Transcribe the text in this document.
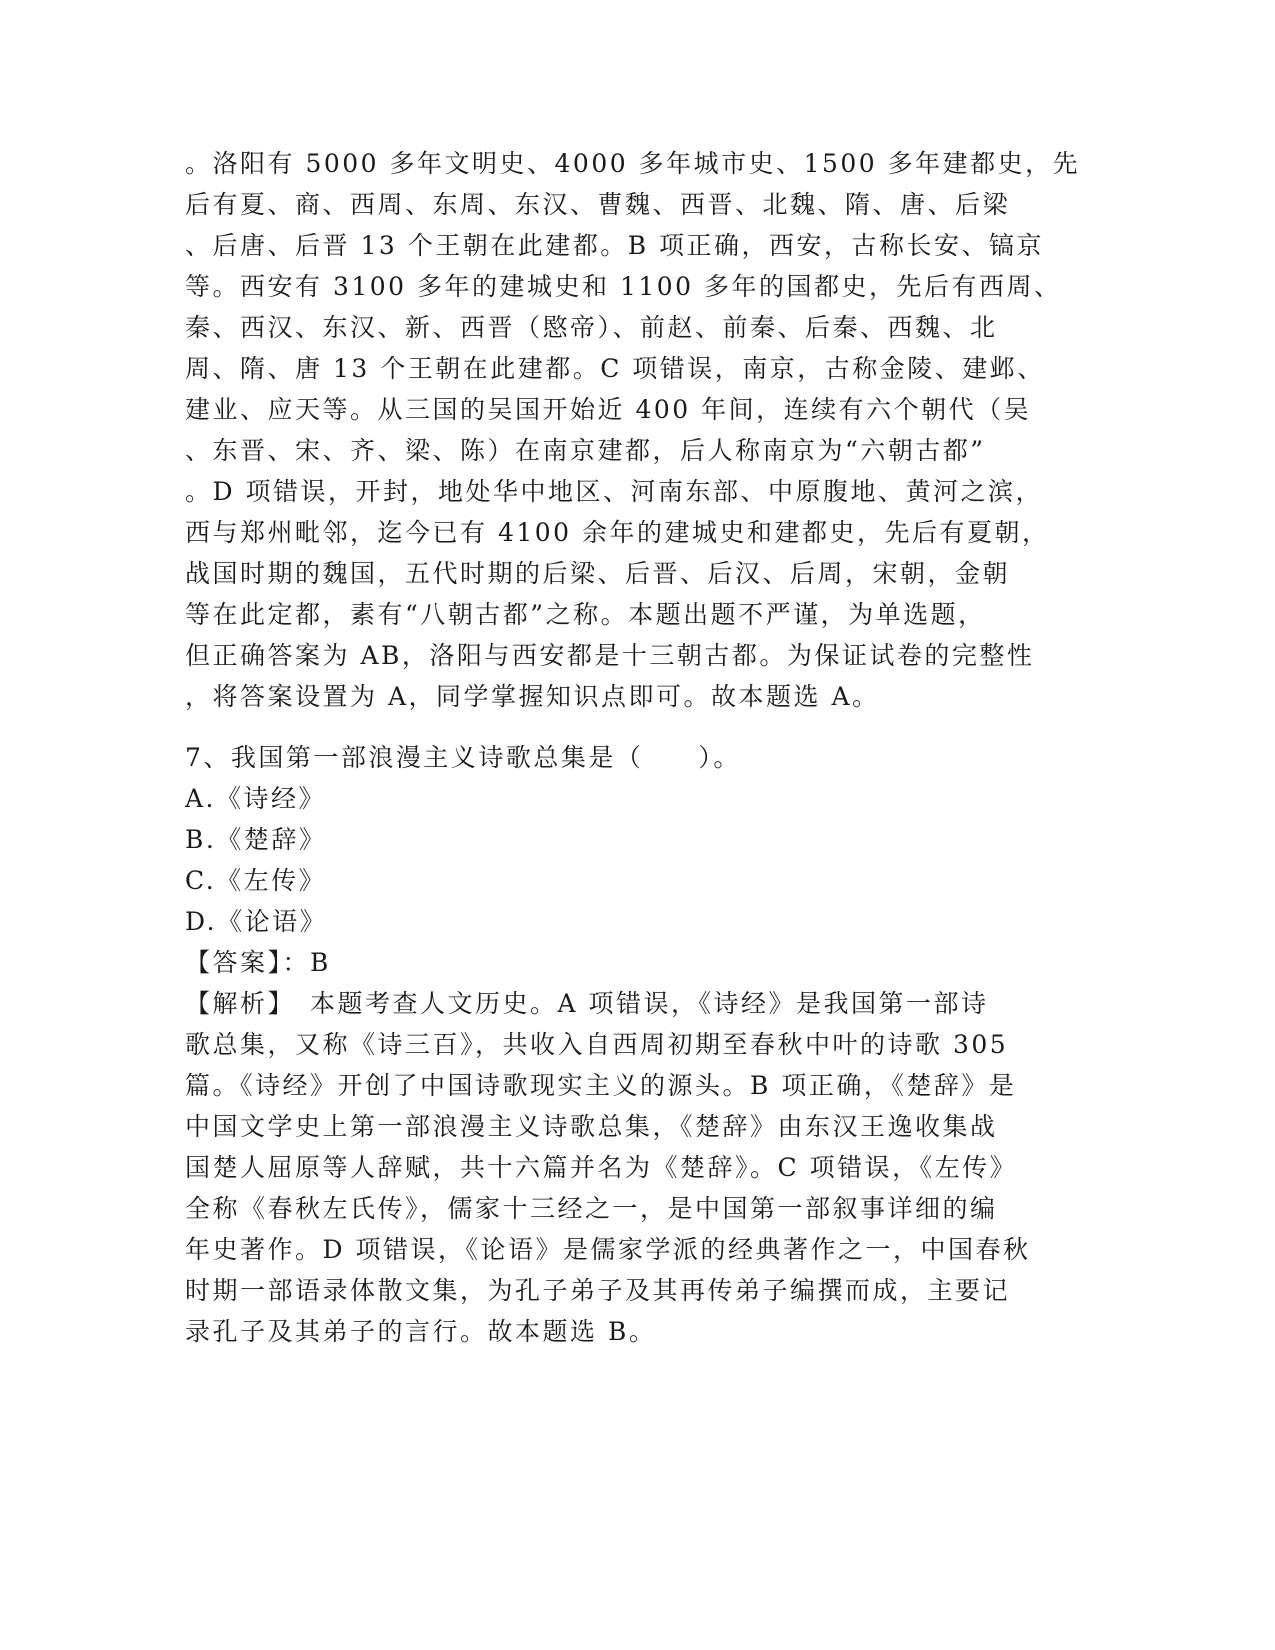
。洛阳有 5000 多年文明史、4000 多年城市史、1500 多年建都史，先
后有夏、商、西周、东周、东汉、曹魏、西晋、北魏、隋、唐、后梁
、后唐、后晋 13 个王朝在此建都。B 项正确，西安，古称长安、镐京
等。西安有 3100 多年的建城史和 1100 多年的国都史，先后有西周、
秦、西汉、东汉、新、西晋（愍帝）、前赵、前秦、后秦、西魏、北
周、隋、唐 13 个王朝在此建都。C 项错误，南京，古称金陵、建邺、
建业、应天等。从三国的吴国开始近 400 年间，连续有六个朝代（吴
、东晋、宋、齐、梁、陈）在南京建都，后人称南京为“六朝古都”
。D 项错误，开封，地处华中地区、河南东部、中原腹地、黄河之滨，
西与郑州毗邻，迄今已有 4100 余年的建城史和建都史，先后有夏朝，
战国时期的魏国，五代时期的后梁、后晋、后汉、后周，宋朝，金朝
等在此定都，素有“八朝古都”之称。本题出题不严谨，为单选题，
但正确答案为 AB，洛阳与西安都是十三朝古都。为保证试卷的完整性
，将答案设置为 A，同学掌握知识点即可。故本题选 A。
7、我国第一部浪漫主义诗歌总集是（　　）。
A.《诗经》
B.《楚辞》
C.《左传》
D.《论语》
【答案】：B
【解析】　本题考查人文历史。A 项错误，《诗经》是我国第一部诗
歌总集，又称《诗三百》，共收入自西周初期至春秋中叶的诗歌 305
篇。《诗经》开创了中国诗歌现实主义的源头。B 项正确，《楚辞》是
中国文学史上第一部浪漫主义诗歌总集，《楚辞》由东汉王逸收集战
国楚人屈原等人辞赋，共十六篇并名为《楚辞》。C 项错误，《左传》
全称《春秋左氏传》，儒家十三经之一，是中国第一部叙事详细的编
年史著作。D 项错误，《论语》是儒家学派的经典著作之一，中国春秋
时期一部语录体散文集，为孔子弟子及其再传弟子编撰而成，主要记
录孔子及其弟子的言行。故本题选 B。
